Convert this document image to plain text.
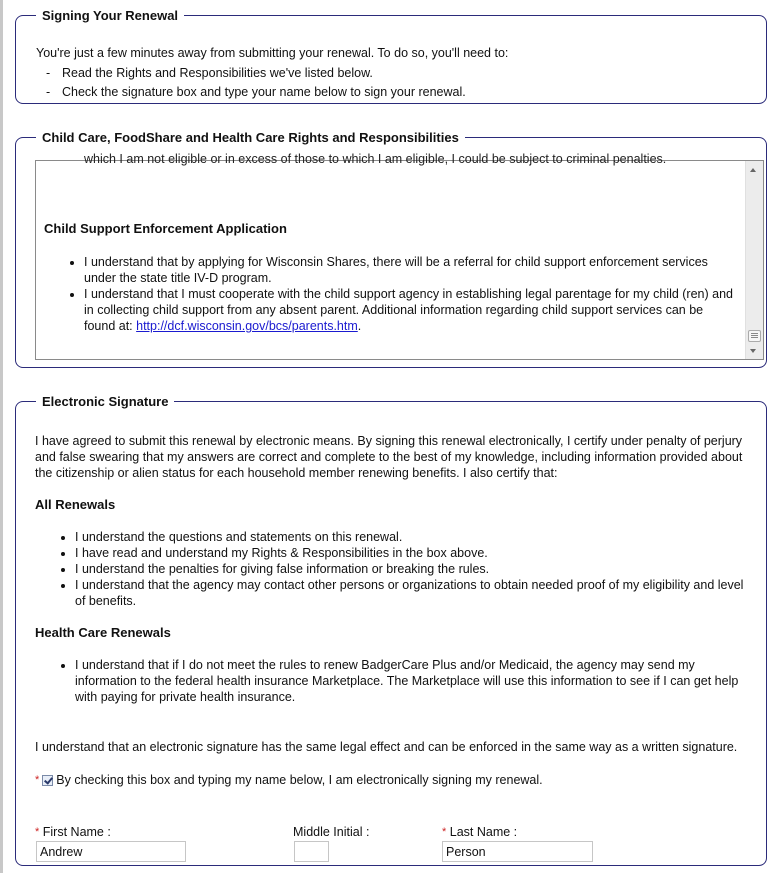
Signing Your Renewal
You're just a few minutes away from submitting your renewal. To do so, you'll need to:
- Read the Rights and Responsibilities we've listed below.
- Check the signature box and type your name below to sign your renewal.
Child Care, FoodShare and Health Care Rights and Responsibilities
which I am not eligible or in excess of those to which I am eligible, I could be subject to criminal penalties.
Child Support Enforcement Application
• I understand that by applying for Wisconsin Shares, there will be a referral for child support enforcement services under the state title IV-D program.
• I understand that I must cooperate with the child support agency in establishing legal parentage for my child (ren) and in collecting child support from any absent parent. Additional information regarding child support services can be found at: http://dcf.wisconsin.gov/bcs/parents.htm.
Electronic Signature
I have agreed to submit this renewal by electronic means. By signing this renewal electronically, I certify under penalty of perjury and false swearing that my answers are correct and complete to the best of my knowledge, including information provided about the citizenship or alien status for each household member renewing benefits. I also certify that:
All Renewals
• I understand the questions and statements on this renewal.
• I have read and understand my Rights & Responsibilities in the box above.
• I understand the penalties for giving false information or breaking the rules.
• I understand that the agency may contact other persons or organizations to obtain needed proof of my eligibility and level of benefits.
Health Care Renewals
• I understand that if I do not meet the rules to renew BadgerCare Plus and/or Medicaid, the agency may send my information to the federal health insurance Marketplace. The Marketplace will use this information to see if I can get help with paying for private health insurance.
I understand that an electronic signature has the same legal effect and can be enforced in the same way as a written signature.
* By checking this box and typing my name below, I am electronically signing my renewal.
* First Name :
Andrew	Middle Initial :	* Last Name :
Person
